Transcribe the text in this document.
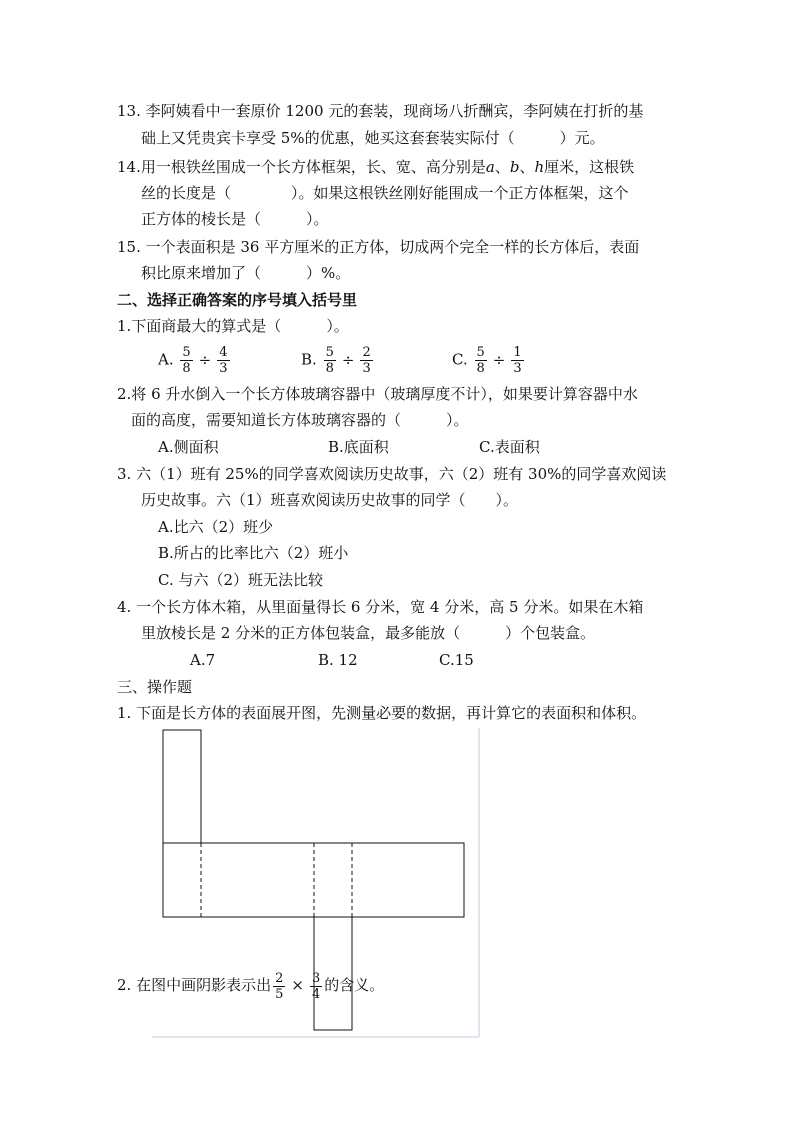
13. 李阿姨看中一套原价 1200 元的套装，现商场八折酬宾，李阿姨在打折的基
础上又凭贵宾卡享受 5%的优惠，她买这套套装实际付（　　　）元。
14.用一根铁丝围成一个长方体框架，长、宽、高分别是a、b、h厘米，这根铁
丝的长度是（　　　　）。如果这根铁丝刚好能围成一个正方体框架，这个
正方体的棱长是（　　　）。
15. 一个表面积是 36 平方厘米的正方体，切成两个完全一样的长方体后，表面
积比原来增加了（　　　）%。
二、选择正确答案的序号填入括号里
1.下面商最大的算式是（　　　）。
A. $\frac{5}{8} \div \frac{4}{3}$	B. $\frac{5}{8} \div \frac{2}{3}$	C. $\frac{5}{8} \div \frac{1}{3}$
2.将 6 升水倒入一个长方体玻璃容器中（玻璃厚度不计），如果要计算容器中水
面的高度，需要知道长方体玻璃容器的（　　　）。
A.侧面积	B.底面积	C.表面积
3. 六（1）班有 25%的同学喜欢阅读历史故事，六（2）班有 30%的同学喜欢阅读
历史故事。六（1）班喜欢阅读历史故事的同学（　　）。
A.比六（2）班少
B.所占的比率比六（2）班小
C. 与六（2）班无法比较
4. 一个长方体木箱，从里面量得长 6 分米，宽 4 分米，高 5 分米。如果在木箱
里放棱长是 2 分米的正方体包装盒，最多能放（　　　）个包装盒。
A.7	B. 12	C.15
三、操作题
1. 下面是长方体的表面展开图，先测量必要的数据，再计算它的表面积和体积。
2. 在图中画阴影表示出 $\frac{2}{5} \times \frac{3}{4}$ 的含义。
